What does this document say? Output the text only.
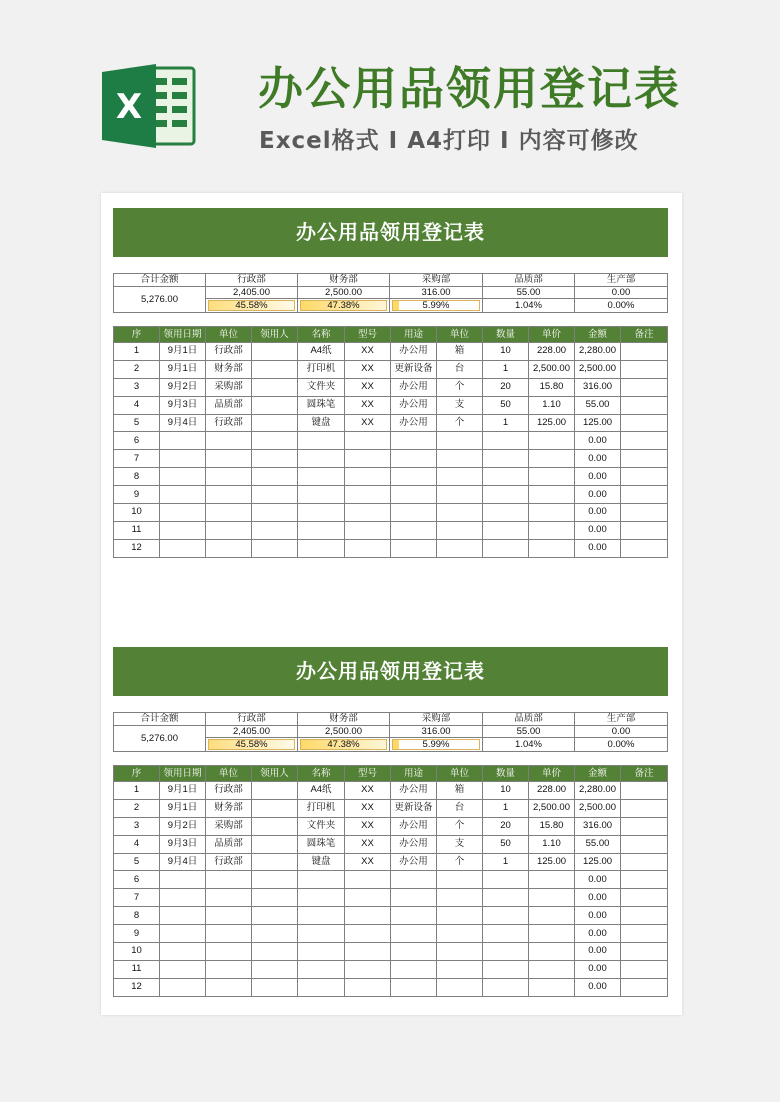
X	办公用品领用登记表
Excel格式 I A4打印 I 内容可修改
办公用品领用登记表
合计金额	行政部	财务部	采购部	品质部	生产部
5,276.00	2,405.00	2,500.00	316.00	55.00	0.00

	45.58%	47.38%	5.99%	1.04%	0.00%
序	领用日期	单位	领用人	名称	型号	用途	单位	数量	单价	金额	备注
1	9月1日	行政部		A4纸	XX	办公用	箱	10	228.00	2,280.00	
2	9月1日	财务部		打印机	XX	更新设备	台	1	2,500.00	2,500.00	
3	9月2日	采购部		文件夹	XX	办公用	个	20	15.80	316.00	
4	9月3日	品质部		圆珠笔	XX	办公用	支	50	1.10	55.00	
5	9月4日	行政部		键盘	XX	办公用	个	1	125.00	125.00	
6										0.00	
7										0.00	
8										0.00	
9										0.00	
10										0.00	
11										0.00	
12										0.00	
办公用品领用登记表
合计金额	行政部	财务部	采购部	品质部	生产部
5,276.00	2,405.00	2,500.00	316.00	55.00	0.00

	45.58%	47.38%	5.99%	1.04%	0.00%
序	领用日期	单位	领用人	名称	型号	用途	单位	数量	单价	金额	备注
1	9月1日	行政部		A4纸	XX	办公用	箱	10	228.00	2,280.00	
2	9月1日	财务部		打印机	XX	更新设备	台	1	2,500.00	2,500.00	
3	9月2日	采购部		文件夹	XX	办公用	个	20	15.80	316.00	
4	9月3日	品质部		圆珠笔	XX	办公用	支	50	1.10	55.00	
5	9月4日	行政部		键盘	XX	办公用	个	1	125.00	125.00	
6										0.00	
7										0.00	
8										0.00	
9										0.00	
10										0.00	
11										0.00	
12										0.00	
